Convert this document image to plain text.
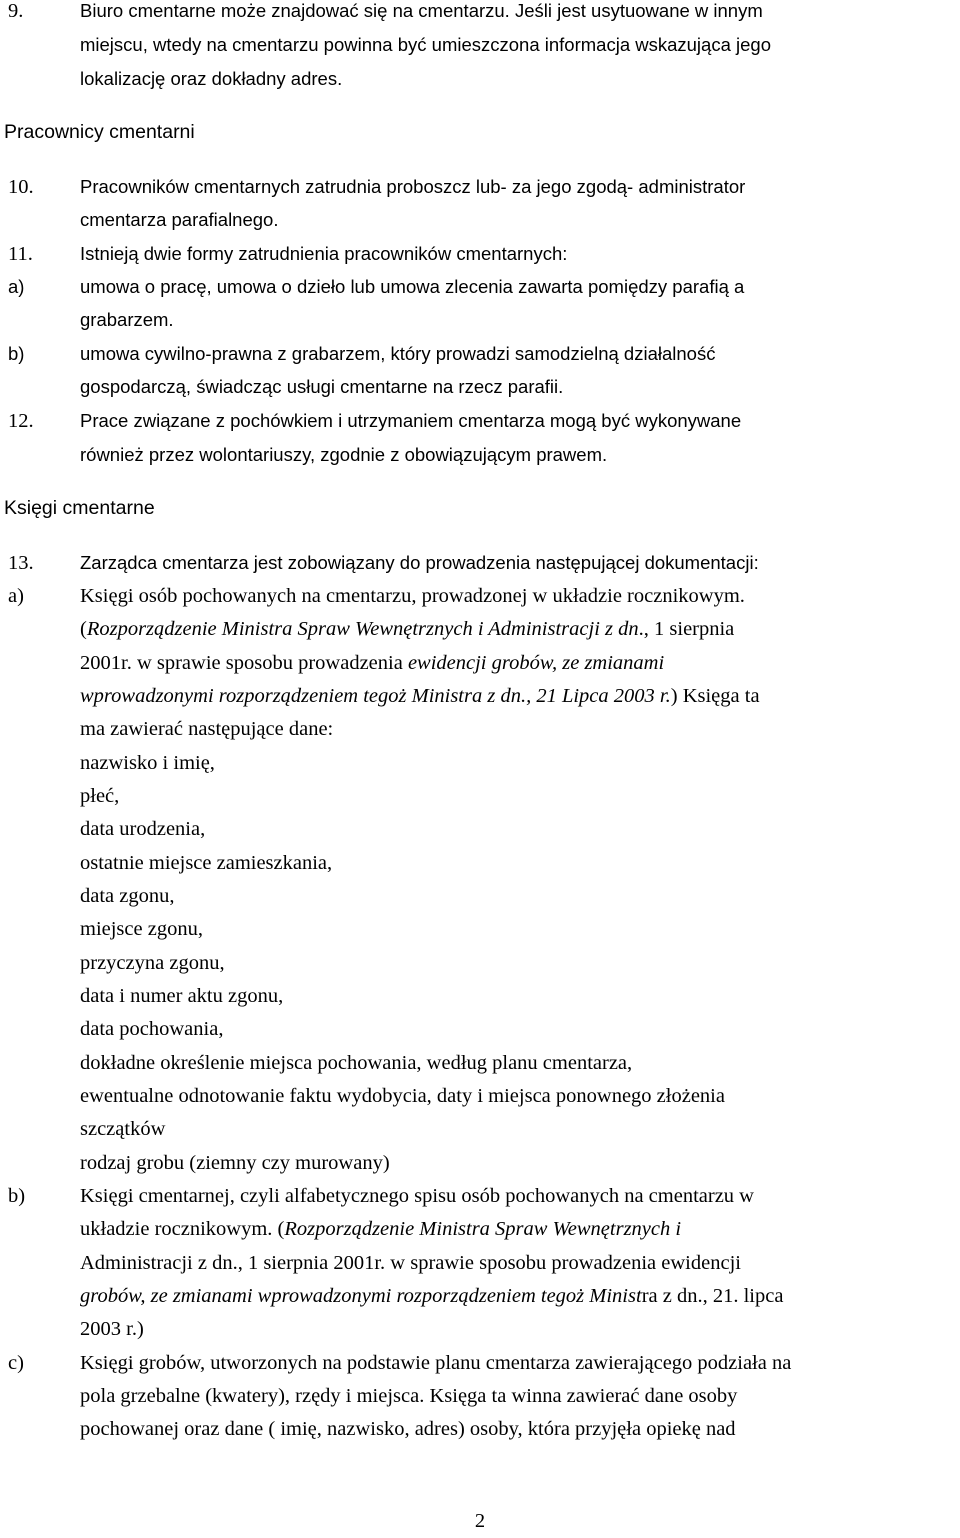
9.	Biuro cmentarne może znajdować się na cmentarzu. Jeśli jest usytuowane w innym
miejscu, wtedy na cmentarzu powinna być umieszczona informacja wskazująca jego
lokalizację oraz dokładny adres.
Pracownicy cmentarni
10.	Pracowników cmentarnych zatrudnia proboszcz lub- za jego zgodą- administrator
cmentarza parafialnego.
11.	Istnieją dwie formy zatrudnienia pracowników cmentarnych:
a)	umowa o pracę, umowa o dzieło lub umowa zlecenia zawarta pomiędzy parafią a
grabarzem.
b)	umowa cywilno-prawna z grabarzem, który prowadzi samodzielną działalność
gospodarczą, świadcząc usługi cmentarne na rzecz parafii.
12.	Prace związane z pochówkiem i utrzymaniem cmentarza mogą być wykonywane
również przez wolontariuszy, zgodnie z obowiązującym prawem.
Księgi cmentarne
13.	Zarządca cmentarza jest zobowiązany do prowadzenia następującej dokumentacji:
a)	Księgi osób pochowanych na cmentarzu, prowadzonej w układzie rocznikowym.
(Rozporządzenie Ministra Spraw Wewnętrznych i Administracji z dn., 1 sierpnia
2001r. w sprawie sposobu prowadzenia ewidencji grobów, ze zmianami
wprowadzonymi rozporządzeniem tegoż Ministra z dn., 21 Lipca 2003 r.) Księga ta
ma zawierać następujące dane:
nazwisko i imię,
płeć,
data urodzenia,
ostatnie miejsce zamieszkania,
data zgonu,
miejsce zgonu,
przyczyna zgonu,
data i numer aktu zgonu,
data pochowania,
dokładne określenie miejsca pochowania, według planu cmentarza,
ewentualne odnotowanie faktu wydobycia, daty i miejsca ponownego złożenia
szczątków
rodzaj grobu (ziemny czy murowany)
b)	Księgi cmentarnej, czyli alfabetycznego spisu osób pochowanych na cmentarzu w
układzie rocznikowym. (Rozporządzenie Ministra Spraw Wewnętrznych i
Administracji z dn., 1 sierpnia 2001r. w sprawie sposobu prowadzenia ewidencji
grobów, ze zmianami wprowadzonymi rozporządzeniem tegoż Ministra z dn., 21. lipca
2003 r.)
c)	Księgi grobów, utworzonych na podstawie planu cmentarza zawierającego podziała na
pola grzebalne (kwatery), rzędy i miejsca. Księga ta winna zawierać dane osoby
pochowanej oraz dane ( imię, nazwisko, adres) osoby, która przyjęła opiekę nad
2
